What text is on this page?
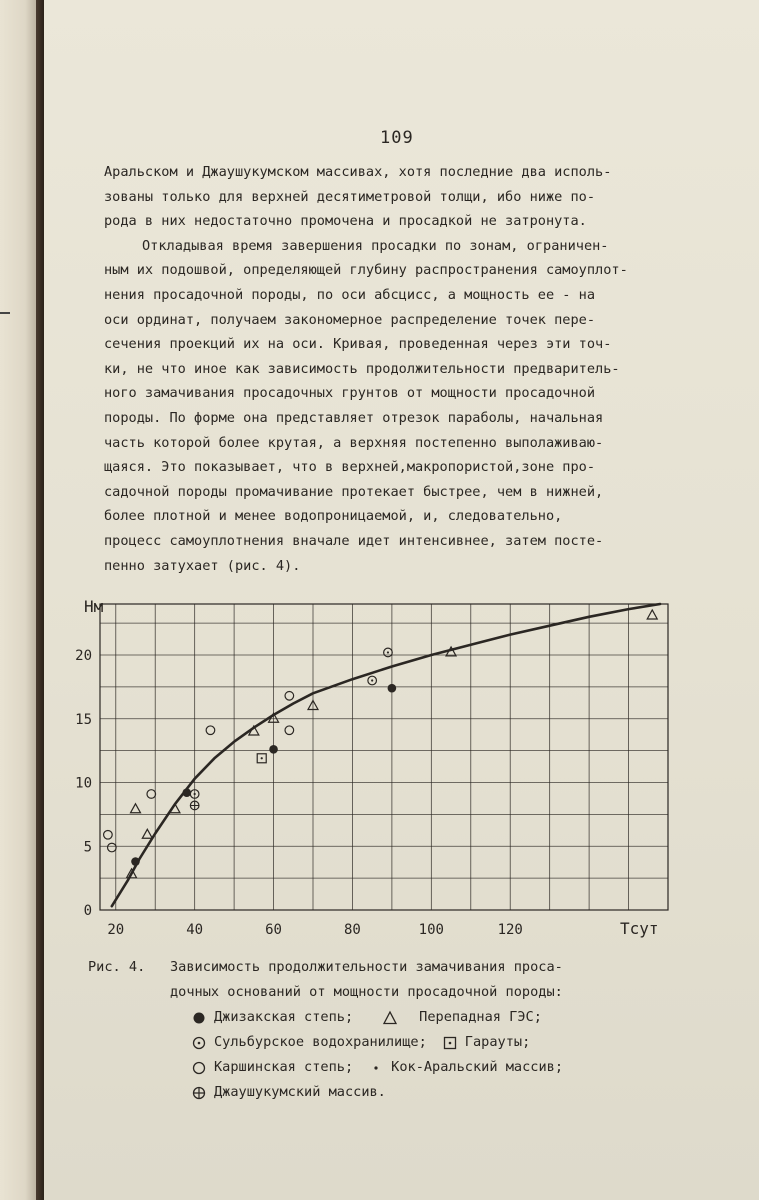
109

Аральском и Джаушукумском массивах, хотя последние два исполь-

зованы только для верхней десятиметровой толщи, ибо ниже по-

рода в них недостаточно промочена и просадкой не затронута.

Откладывая время завершения просадки по зонам, ограничен-

ным их подошвой, определяющей глубину распространения самоуплот-

нения просадочной породы, по оси абсцисс, а мощность ее - на

оси ординат, получаем закономерное распределение точек пере-

сечения проекций их на оси. Кривая, проведенная через эти точ-

ки, не что иное как зависимость продолжительности предваритель-

ного замачивания просадочных грунтов от мощности просадочной

породы. По форме она представляет отрезок параболы, начальная

часть которой более крутая, а верхняя постепенно выполаживаю-

щаяся. Это показывает, что в верхней,макропористой,зоне про-

садочной породы промачивание протекает быстрее, чем в нижней,

более плотной и менее водопроницаемой, и, следовательно,

процесс самоуплотнения вначале идет интенсивнее, затем посте-

пенно затухает (рис. 4).

20	40	60	80	100	120
0
5
10
15
20
Нм
Тсут
Рис. 4. Зависимость продолжительности замачивания проса-
дочных оснований от мощности просадочной породы:
Джизакская степь;	Перепадная ГЭС;
Сульбурское водохранилище;	Гарауты;
Каршинская степь;	Кок-Аральский массив;
Джаушукумский массив.
